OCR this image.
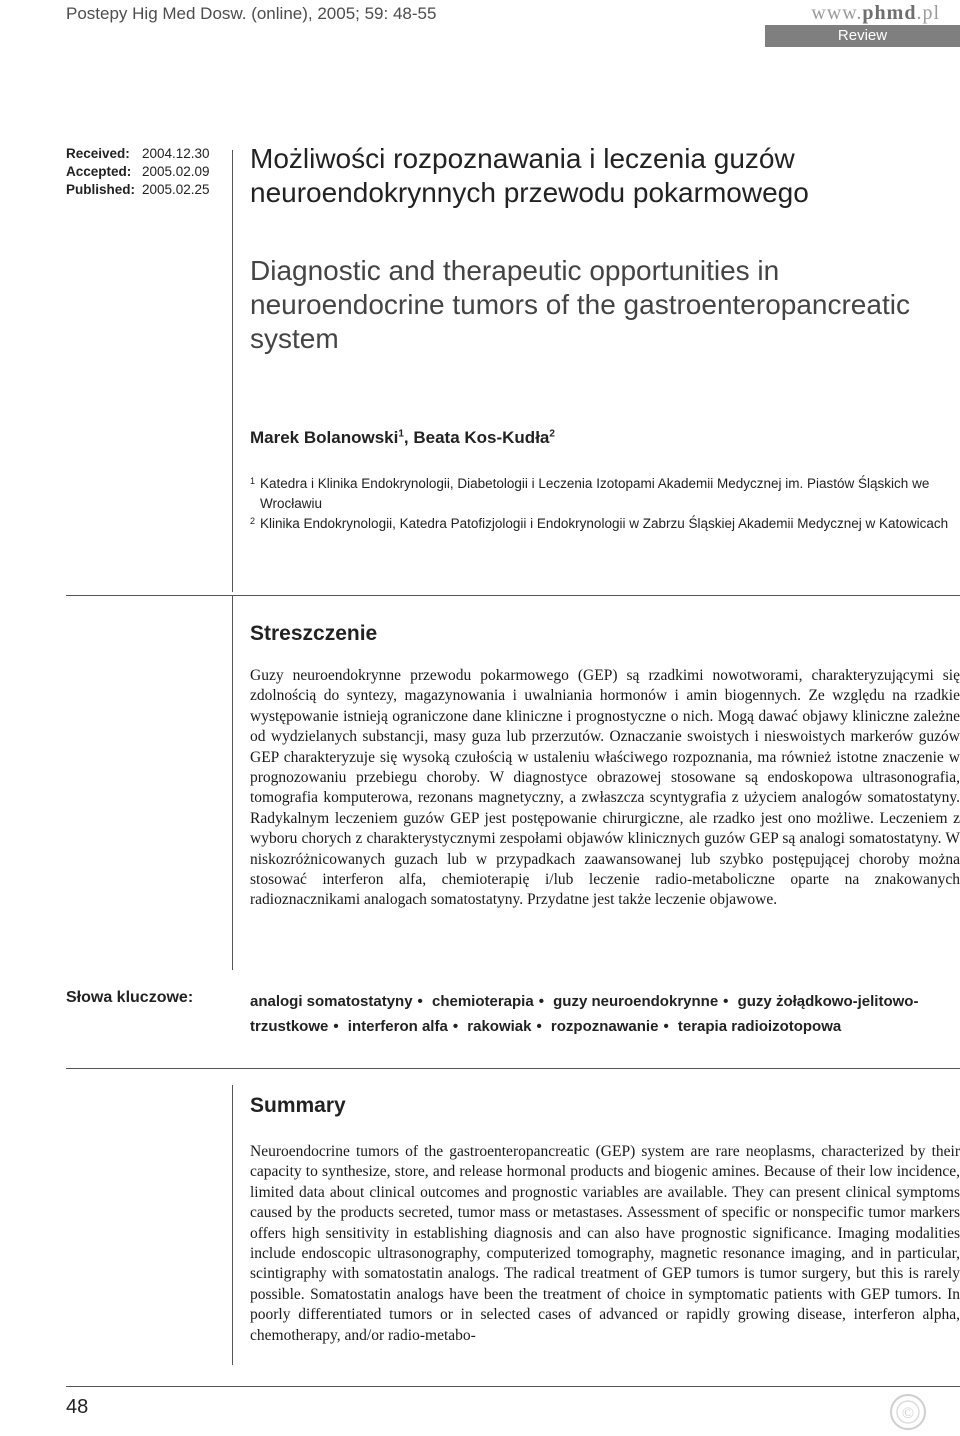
Postepy Hig Med Dosw. (online), 2005; 59: 48-55	www.phmd.pl
Review
Received: 2004.12.30
Accepted: 2005.02.09
Published: 2005.02.25
Możliwości rozpoznawania i leczenia guzów neuroendokrynnych przewodu pokarmowego
Diagnostic and therapeutic opportunities in neuroendocrine tumors of the gastroenteropancreatic system
Marek Bolanowski$^1$, Beata Kos-Kudła$^2$
1 Katedra i Klinika Endokrynologii, Diabetologii i Leczenia Izotopami Akademii Medycznej im. Piastów Śląskich we Wrocławiu
2 Klinika Endokrynologii, Katedra Patofizjologii i Endokrynologii w Zabrzu Śląskiej Akademii Medycznej w Katowicach
Streszczenie
Guzy neuroendokrynne przewodu pokarmowego (GEP) są rzadkimi nowotworami, charakteryzującymi się zdolnością do syntezy, magazynowania i uwalniania hormonów i amin biogennych. Ze względu na rzadkie występowanie istnieją ograniczone dane kliniczne i prognostyczne o nich. Mogą dawać objawy kliniczne zależne od wydzielanych substancji, masy guza lub przerzutów. Oznaczanie swoistych i nieswoistych markerów guzów GEP charakteryzuje się wysoką czułością w ustaleniu właściwego rozpoznania, ma również istotne znaczenie w prognozowaniu przebiegu choroby. W diagnostyce obrazowej stosowane są endoskopowa ultrasonografia, tomografia komputerowa, rezonans magnetyczny, a zwłaszcza scyntygrafia z użyciem analogów somatostatyny. Radykalnym leczeniem guzów GEP jest postępowanie chirurgiczne, ale rzadko jest ono możliwe. Leczeniem z wyboru chorych z charakterystycznymi zespołami objawów klinicznych guzów GEP są analogi somatostatyny. W niskozróżnicowanych guzach lub w przypadkach zaawansowanej lub szybko postępującej choroby można stosować interferon alfa, chemioterapię i/lub leczenie radio-metaboliczne oparte na znakowanych radioznacznikami analogach somatostatyny. Przydatne jest także leczenie objawowe.
Słowa kluczowe:	analogi somatostatyny • chemioterapia • guzy neuroendokrynne • guzy żołądkowo-jelitowo-trzustkowe • interferon alfa • rakowiak • rozpoznawanie • terapia radioizotopowa
Summary
Neuroendocrine tumors of the gastroenteropancreatic (GEP) system are rare neoplasms, characterized by their capacity to synthesize, store, and release hormonal products and biogenic amines. Because of their low incidence, limited data about clinical outcomes and prognostic variables are available. They can present clinical symptoms caused by the products secreted, tumor mass or metastases. Assessment of specific or nonspecific tumor markers offers high sensitivity in establishing diagnosis and can also have prognostic significance. Imaging modalities include endoscopic ultrasonography, computerized tomography, magnetic resonance imaging, and in particular, scintigraphy with somatostatin analogs. The radical treatment of GEP tumors is tumor surgery, but this is rarely possible. Somatostatin analogs have been the treatment of choice in symptomatic patients with GEP tumors. In poorly differentiated tumors or in selected cases of advanced or rapidly growing disease, interferon alpha, chemotherapy, and/or radio-metabo-
48	©
